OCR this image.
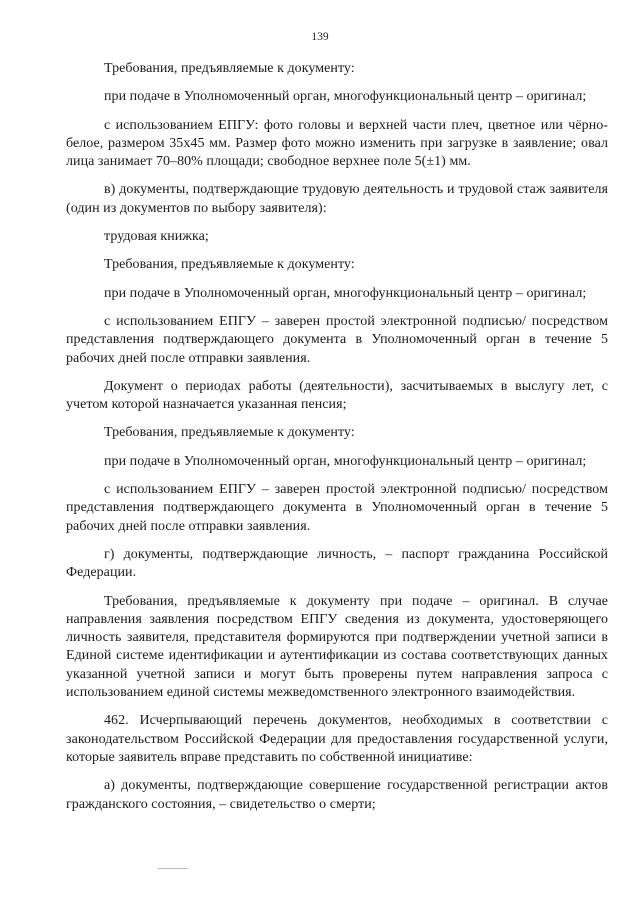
139

Требования, предъявляемые к документу:

при подаче в Уполномоченный орган, многофункциональный центр – оригинал;

с использованием ЕПГУ: фото головы и верхней части плеч, цветное или чёрно-белое, размером 35х45 мм. Размер фото можно изменить при загрузке в заявление; овал лица занимает 70–80% площади; свободное верхнее поле 5(±1) мм.

в) документы, подтверждающие трудовую деятельность и трудовой стаж заявителя (один из документов по выбору заявителя):

трудовая книжка;

Требования, предъявляемые к документу:

при подаче в Уполномоченный орган, многофункциональный центр – оригинал;

с использованием ЕПГУ – заверен простой электронной подписью/ посредством представления подтверждающего документа в Уполномоченный орган в течение 5 рабочих дней после отправки заявления.

Документ о периодах работы (деятельности), засчитываемых в выслугу лет, с учетом которой назначается указанная пенсия;

Требования, предъявляемые к документу:

при подаче в Уполномоченный орган, многофункциональный центр – оригинал;

с использованием ЕПГУ – заверен простой электронной подписью/ посредством представления подтверждающего документа в Уполномоченный орган в течение 5 рабочих дней после отправки заявления.

г) документы, подтверждающие личность, – паспорт гражданина Российской Федерации.

Требования, предъявляемые к документу при подаче – оригинал. В случае направления заявления посредством ЕПГУ сведения из документа, удостоверяющего личность заявителя, представителя формируются при подтверждении учетной записи в Единой системе идентификации и аутентификации из состава соответствующих данных указанной учетной записи и могут быть проверены путем направления запроса с использованием единой системы межведомственного электронного взаимодействия.

462. Исчерпывающий перечень документов, необходимых в соответствии с законодательством Российской Федерации для предоставления государственной услуги, которые заявитель вправе представить по собственной инициативе:

а) документы, подтверждающие совершение государственной регистрации актов гражданского состояния, – свидетельство о смерти;
